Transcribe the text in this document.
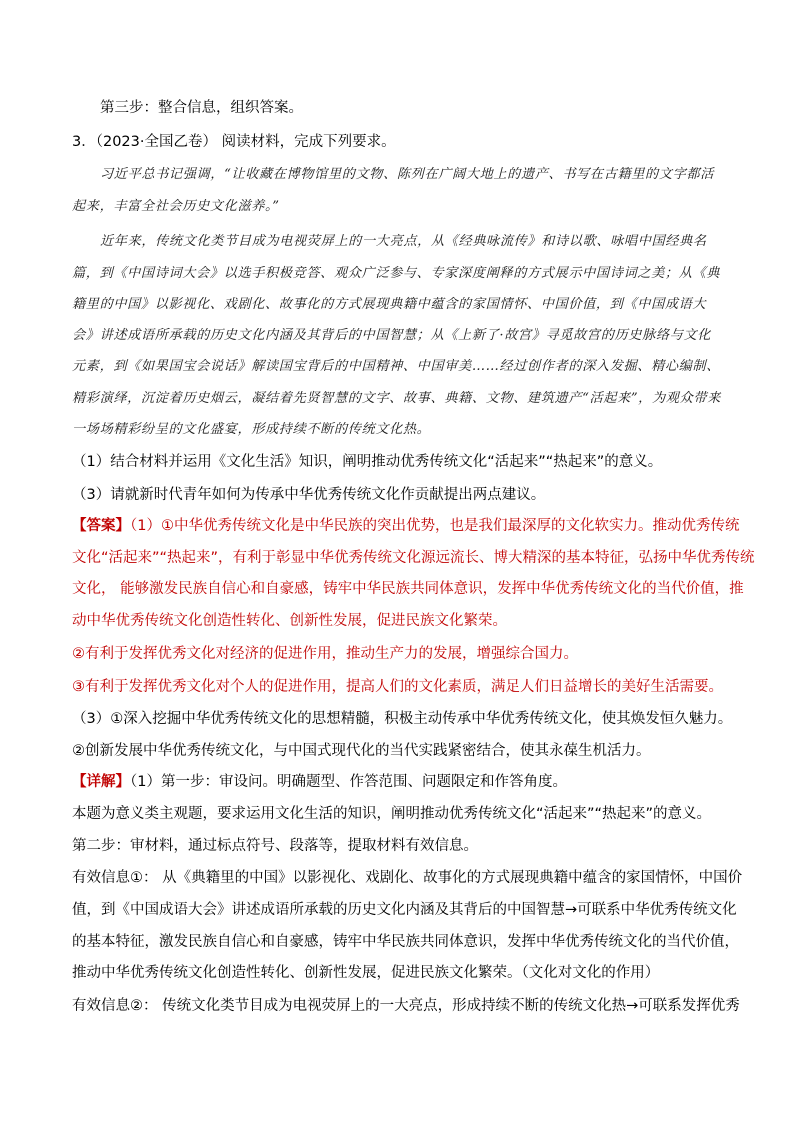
第三步：整合信息，组织答案。
3．（2023·全国乙卷） 阅读材料，完成下列要求。
习近平总书记强调，“让收藏在博物馆里的文物、陈列在广阔大地上的遗产、书写在古籍里的文字都活
起来，丰富全社会历史文化滋养。”
近年来，传统文化类节目成为电视荧屏上的一大亮点，从《经典咏流传》和诗以歌、咏唱中国经典名
篇，到《中国诗词大会》以选手积极竞答、观众广泛参与、专家深度阐释的方式展示中国诗词之美；从《典
籍里的中国》以影视化、戏剧化、故事化的方式展现典籍中蕴含的家国情怀、中国价值，到《中国成语大
会》讲述成语所承载的历史文化内涵及其背后的中国智慧；从《上新了·故宫》寻觅故宫的历史脉络与文化
元素，到《如果国宝会说话》解读国宝背后的中国精神、中国审美……经过创作者的深入发掘、精心编制、
精彩演绎，沉淀着历史烟云，凝结着先贤智慧的文字、故事、典籍、文物、建筑遗产“活起来”，为观众带来
一场场精彩纷呈的文化盛宴，形成持续不断的传统文化热。
（1）结合材料并运用《文化生活》知识，阐明推动优秀传统文化“活起来”“热起来”的意义。
（3）请就新时代青年如何为传承中华优秀传统文化作贡献提出两点建议。
【答案】（1）①中华优秀传统文化是中华民族的突出优势，也是我们最深厚的文化软实力。推动优秀传统
文化“活起来”“热起来”，有利于彰显中华优秀传统文化源远流长、博大精深的基本特征，弘扬中华优秀传统
文化， 能够激发民族自信心和自豪感，铸牢中华民族共同体意识，发挥中华优秀传统文化的当代价值，推
动中华优秀传统文化创造性转化、创新性发展，促进民族文化繁荣。
②有利于发挥优秀文化对经济的促进作用，推动生产力的发展，增强综合国力。
③有利于发挥优秀文化对个人的促进作用，提高人们的文化素质，满足人们日益增长的美好生活需要。
（3）①深入挖掘中华优秀传统文化的思想精髓，积极主动传承中华优秀传统文化，使其焕发恒久魅力。
②创新发展中华优秀传统文化，与中国式现代化的当代实践紧密结合，使其永葆生机活力。
【详解】（1）第一步：审设问。明确题型、作答范围、问题限定和作答角度。
本题为意义类主观题，要求运用文化生活的知识，阐明推动优秀传统文化“活起来”“热起来”的意义。
第二步：审材料，通过标点符号、段落等，提取材料有效信息。
有效信息①： 从《典籍里的中国》以影视化、戏剧化、故事化的方式展现典籍中蕴含的家国情怀，中国价
值，到《中国成语大会》讲述成语所承载的历史文化内涵及其背后的中国智慧→可联系中华优秀传统文化
的基本特征，激发民族自信心和自豪感，铸牢中华民族共同体意识，发挥中华优秀传统文化的当代价值，
推动中华优秀传统文化创造性转化、创新性发展，促进民族文化繁荣。（文化对文化的作用）
有效信息②： 传统文化类节目成为电视荧屏上的一大亮点，形成持续不断的传统文化热→可联系发挥优秀
